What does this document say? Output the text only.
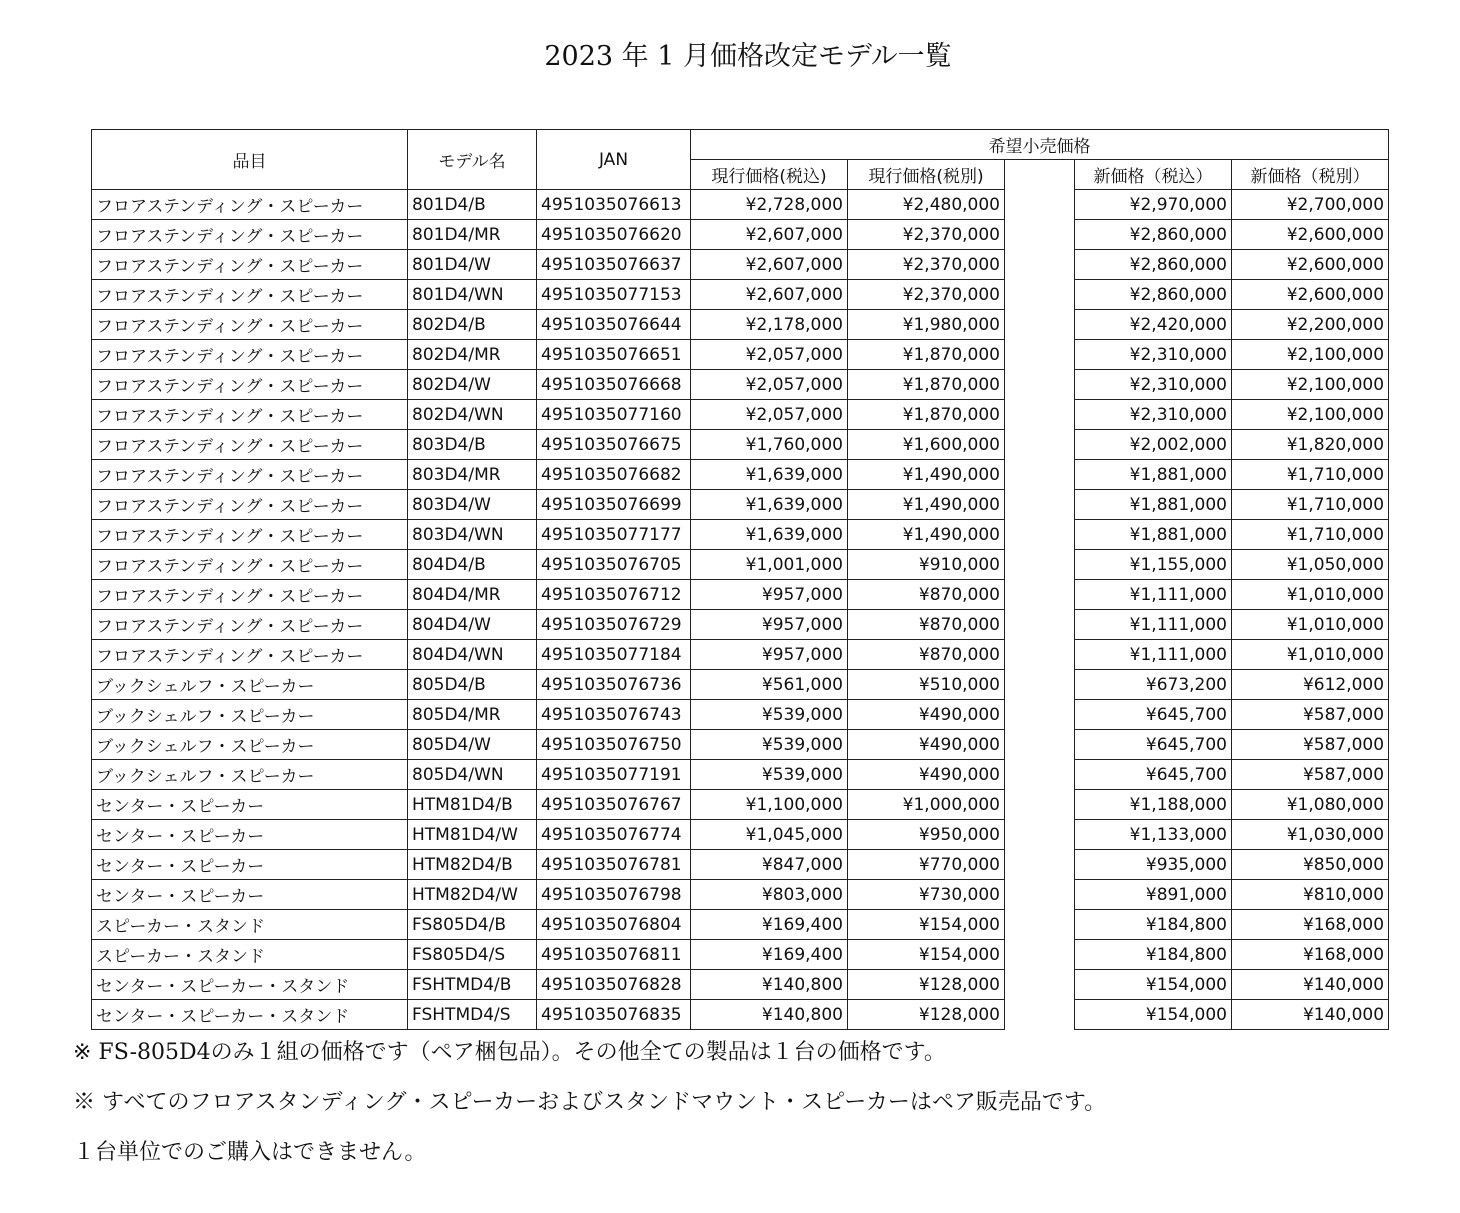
2023 年 1 月価格改定モデル一覧
品目	モデル名	JAN	希望小売価格				
			現行価格(税込)	現行価格(税別)		新価格（税込）	新価格（税別）
フロアステンディング・スピーカー	801D4/B	4951035076613	¥2,728,000	¥2,480,000		¥2,970,000	¥2,700,000
フロアステンディング・スピーカー	801D4/MR	4951035076620	¥2,607,000	¥2,370,000		¥2,860,000	¥2,600,000
フロアステンディング・スピーカー	801D4/W	4951035076637	¥2,607,000	¥2,370,000		¥2,860,000	¥2,600,000
フロアステンディング・スピーカー	801D4/WN	4951035077153	¥2,607,000	¥2,370,000		¥2,860,000	¥2,600,000
フロアステンディング・スピーカー	802D4/B	4951035076644	¥2,178,000	¥1,980,000		¥2,420,000	¥2,200,000
フロアステンディング・スピーカー	802D4/MR	4951035076651	¥2,057,000	¥1,870,000		¥2,310,000	¥2,100,000
フロアステンディング・スピーカー	802D4/W	4951035076668	¥2,057,000	¥1,870,000		¥2,310,000	¥2,100,000
フロアステンディング・スピーカー	802D4/WN	4951035077160	¥2,057,000	¥1,870,000		¥2,310,000	¥2,100,000
フロアステンディング・スピーカー	803D4/B	4951035076675	¥1,760,000	¥1,600,000		¥2,002,000	¥1,820,000
フロアステンディング・スピーカー	803D4/MR	4951035076682	¥1,639,000	¥1,490,000		¥1,881,000	¥1,710,000
フロアステンディング・スピーカー	803D4/W	4951035076699	¥1,639,000	¥1,490,000		¥1,881,000	¥1,710,000
フロアステンディング・スピーカー	803D4/WN	4951035077177	¥1,639,000	¥1,490,000		¥1,881,000	¥1,710,000
フロアステンディング・スピーカー	804D4/B	4951035076705	¥1,001,000	¥910,000		¥1,155,000	¥1,050,000
フロアステンディング・スピーカー	804D4/MR	4951035076712	¥957,000	¥870,000		¥1,111,000	¥1,010,000
フロアステンディング・スピーカー	804D4/W	4951035076729	¥957,000	¥870,000		¥1,111,000	¥1,010,000
フロアステンディング・スピーカー	804D4/WN	4951035077184	¥957,000	¥870,000		¥1,111,000	¥1,010,000
ブックシェルフ・スピーカー	805D4/B	4951035076736	¥561,000	¥510,000		¥673,200	¥612,000
ブックシェルフ・スピーカー	805D4/MR	4951035076743	¥539,000	¥490,000		¥645,700	¥587,000
ブックシェルフ・スピーカー	805D4/W	4951035076750	¥539,000	¥490,000		¥645,700	¥587,000
ブックシェルフ・スピーカー	805D4/WN	4951035077191	¥539,000	¥490,000		¥645,700	¥587,000
センター・スピーカー	HTM81D4/B	4951035076767	¥1,100,000	¥1,000,000		¥1,188,000	¥1,080,000
センター・スピーカー	HTM81D4/W	4951035076774	¥1,045,000	¥950,000		¥1,133,000	¥1,030,000
センター・スピーカー	HTM82D4/B	4951035076781	¥847,000	¥770,000		¥935,000	¥850,000
センター・スピーカー	HTM82D4/W	4951035076798	¥803,000	¥730,000		¥891,000	¥810,000
スピーカー・スタンド	FS805D4/B	4951035076804	¥169,400	¥154,000		¥184,800	¥168,000
スピーカー・スタンド	FS805D4/S	4951035076811	¥169,400	¥154,000		¥184,800	¥168,000
センター・スピーカー・スタンド	FSHTMD4/B	4951035076828	¥140,800	¥128,000		¥154,000	¥140,000
センター・スピーカー・スタンド	FSHTMD4/S	4951035076835	¥140,800	¥128,000		¥154,000	¥140,000

※ FS-805D4のみ１組の価格です（ペア梱包品）。その他全ての製品は１台の価格です。

※ すべてのフロアスタンディング・スピーカーおよびスタンドマウント・スピーカーはペア販売品です。

１台単位でのご購入はできません。
